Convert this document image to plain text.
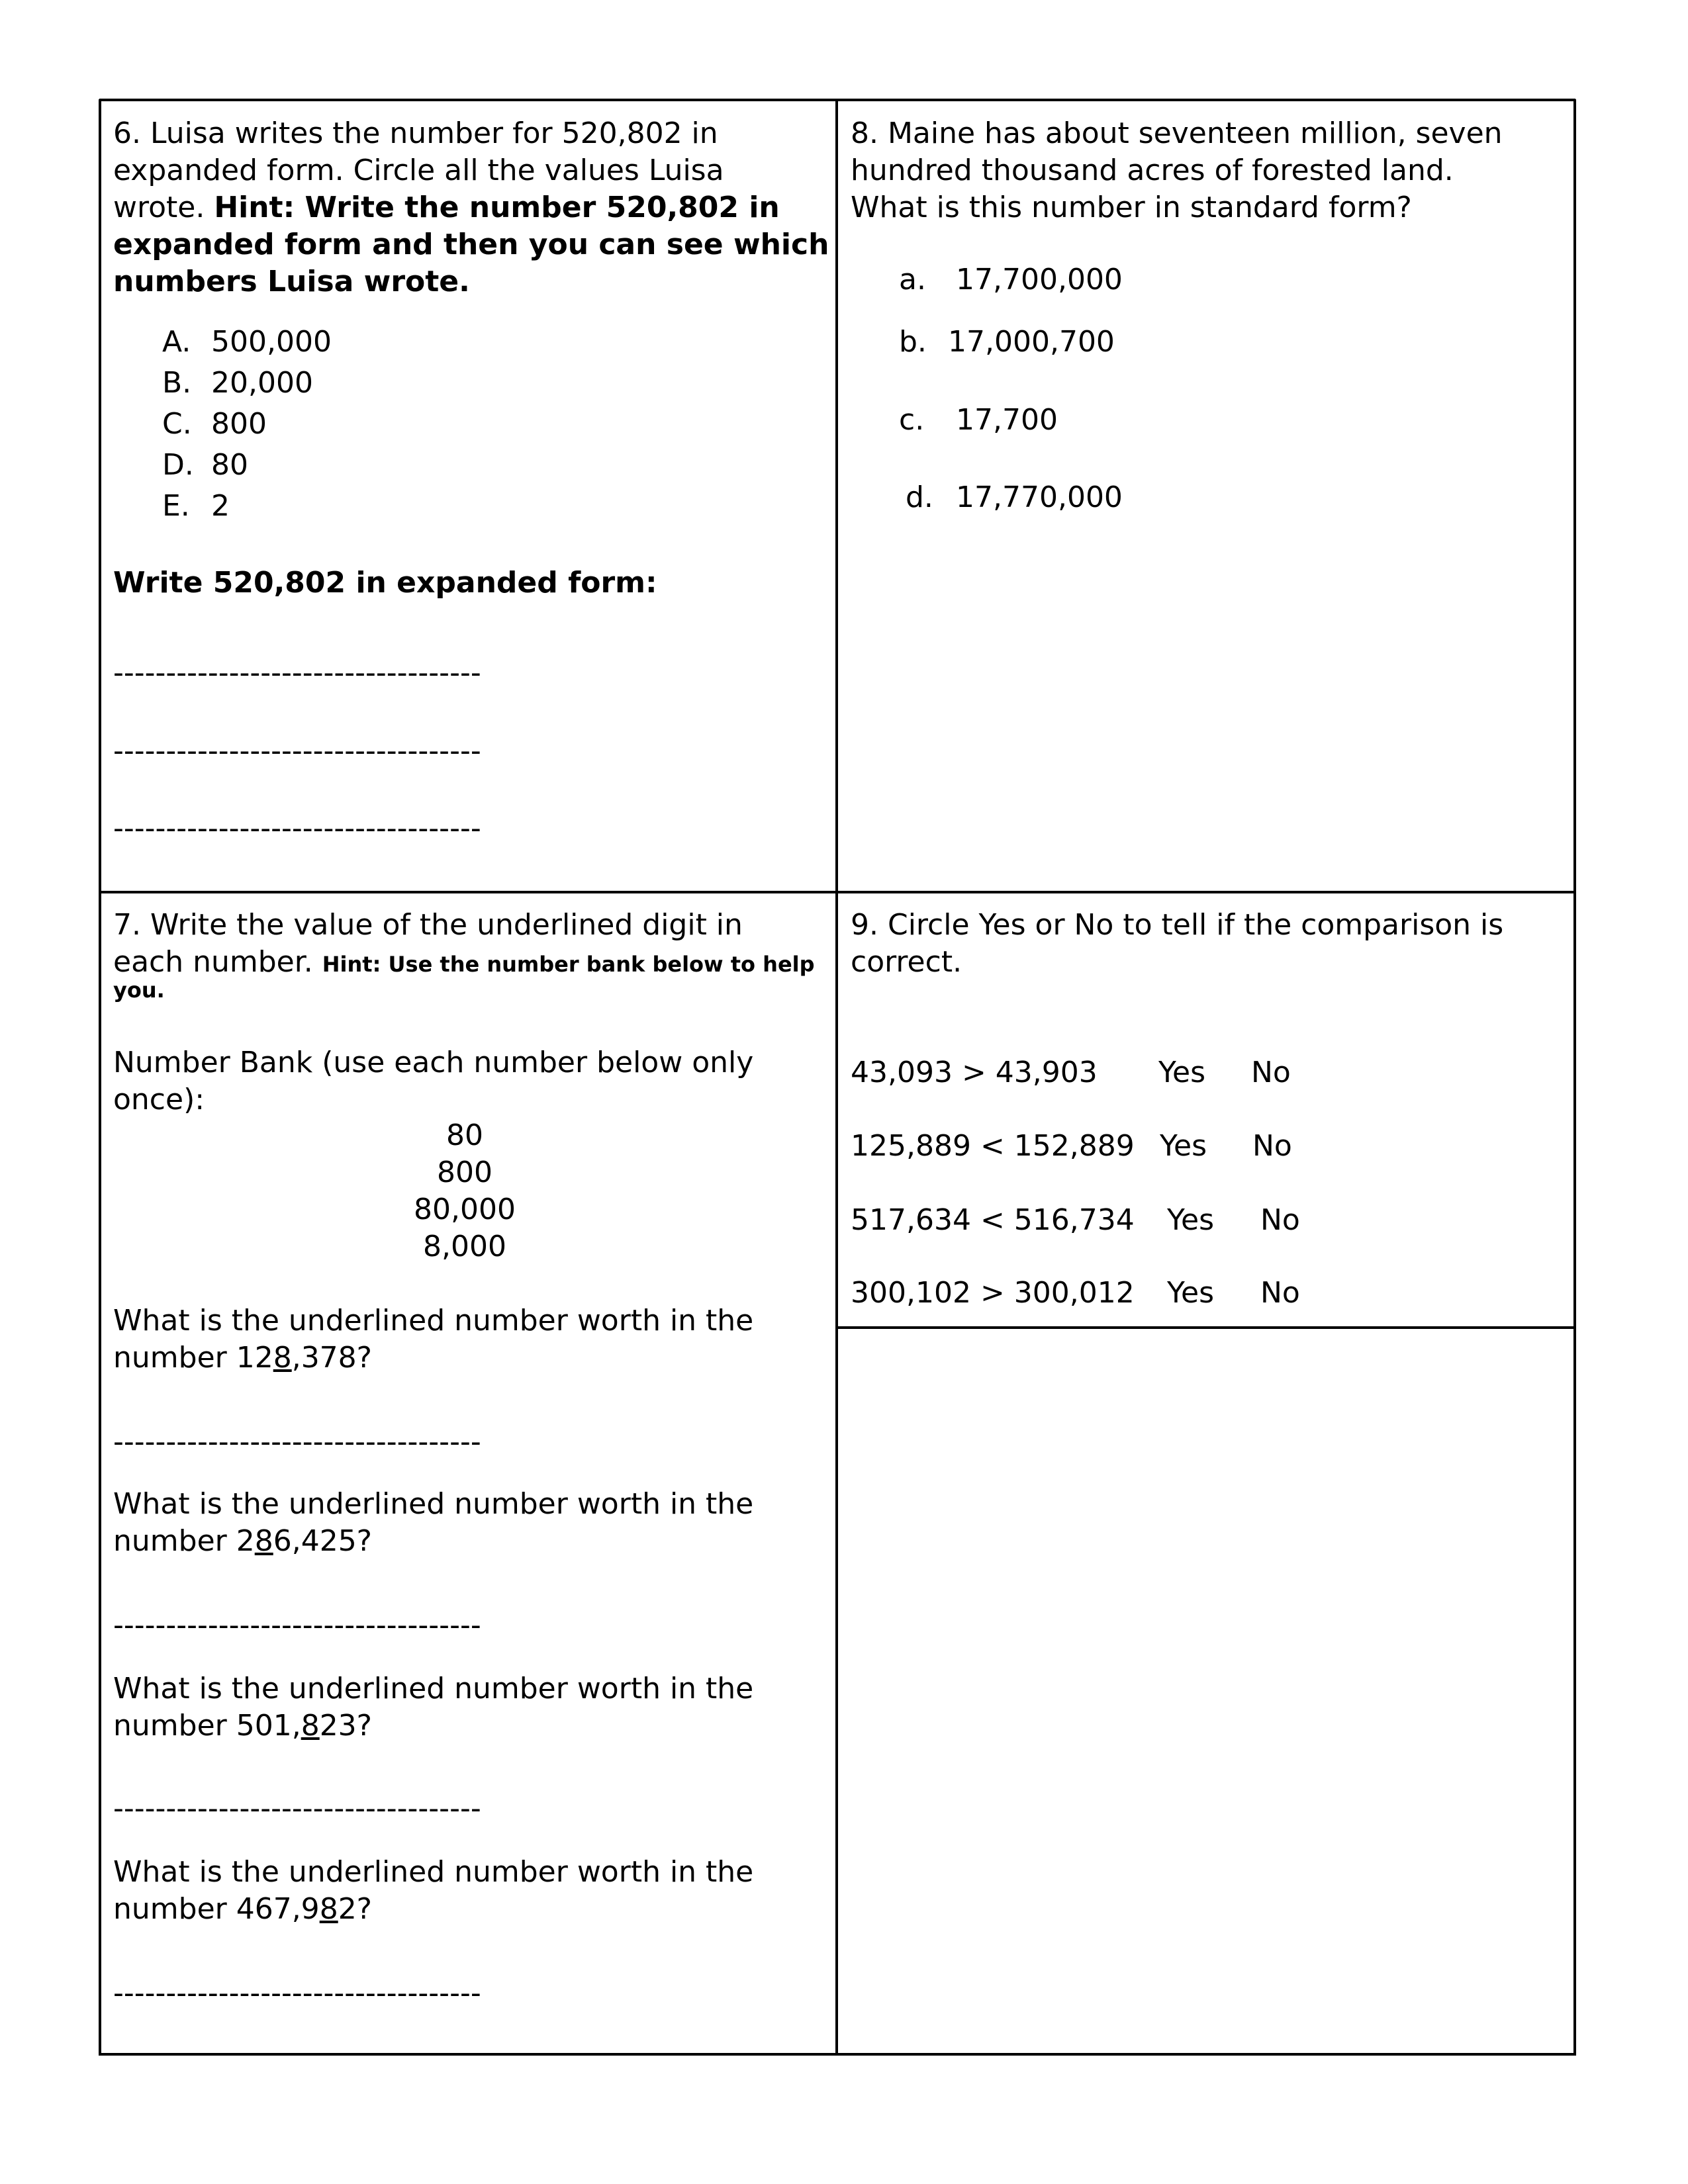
6. Luisa writes the number for 520,802 in
expanded form. Circle all the values Luisa
wrote. Hint: Write the number 520,802 in
expanded form and then you can see which
numbers Luisa wrote.
A. 500,000
B. 20,000
C. 800
D. 80
E. 2
Write 520,802 in expanded form:
-----------------------------------
-----------------------------------
-----------------------------------
8. Maine has about seventeen million, seven
hundred thousand acres of forested land.
What is this number in standard form?
a. 17,700,000
b. 17,000,700
c. 17,700
d. 17,770,000
7. Write the value of the underlined digit in
each number. Hint: Use the number bank below to help
you.
Number Bank (use each number below only
once):
80
800
80,000
8,000
What is the underlined number worth in the
number 128,378?
-----------------------------------
What is the underlined number worth in the
number 286,425?
-----------------------------------
What is the underlined number worth in the
number 501,823?
-----------------------------------
What is the underlined number worth in the
number 467,982?
-----------------------------------
9. Circle Yes or No to tell if the comparison is
correct.
43,093 > 43,903 Yes No
125,889 < 152,889 Yes No
517,634 < 516,734 Yes No
300,102 > 300,012 Yes No
